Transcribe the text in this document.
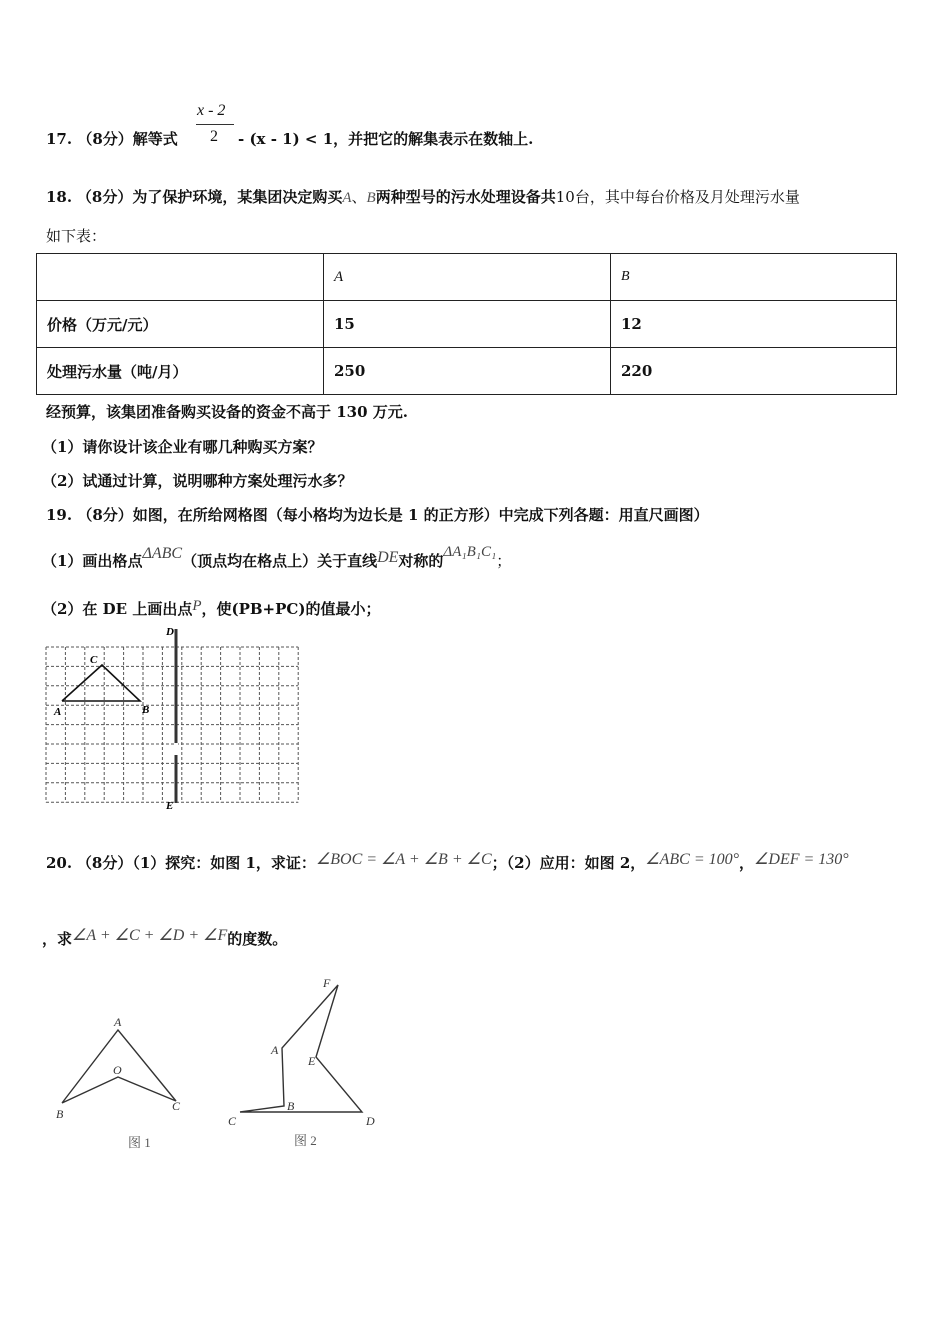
17. （8分）解等式
x - 2
2 - (x - 1) < 1，并把它的解集表示在数轴上.
18. （8分）为了保护环境，某集团决定购买A、B两种型号的污水处理设备共10台，其中每台价格及月处理污水量
如下表：
	A	B
价格（万元/元）	15	12
处理污水量（吨/月）	250	220
经预算，该集团准备购买设备的资金不高于 130 万元.
（1）请你设计该企业有哪几种购买方案？
（2）试通过计算，说明哪种方案处理污水多？
19. （8分）如图，在所给网格图（每小格均为边长是 1 的正方形）中完成下列各题：用直尺画图）
（1）画出格点ΔABC（顶点均在格点上）关于直线DE对称的ΔA₁B₁C₁；
（2）在 DE 上画出点P，使(PB+PC)的值最小；
D
E
C
A	B
20. （8分）（1）探究：如图 1，求证：∠BOC = ∠A + ∠B + ∠C；（2）应用：如图 2，∠ABC = 100°，∠DEF = 130°
，求∠A + ∠C + ∠D + ∠F的度数。
A
O
B
C
图 1
F
A
E
B
C	D
图 2
